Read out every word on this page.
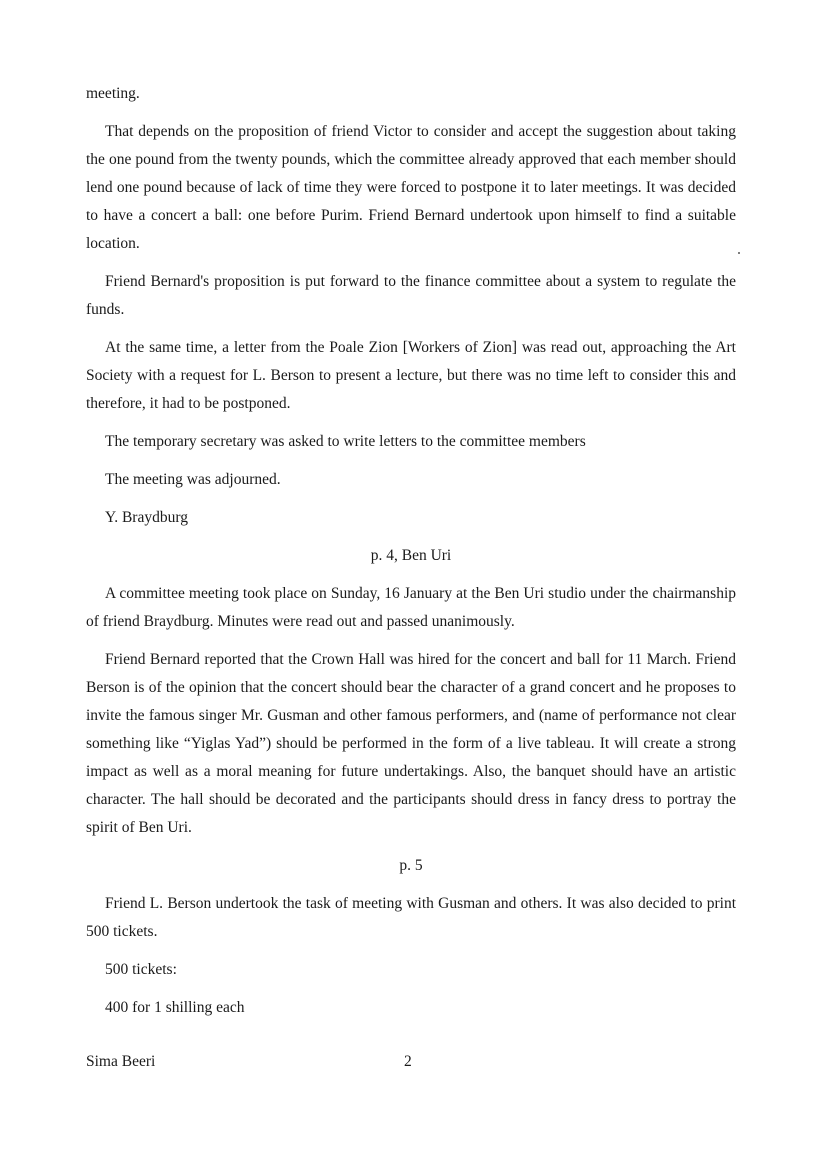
meeting.

That depends on the proposition of friend Victor to consider and accept the suggestion about taking the one pound from the twenty pounds, which the committee already approved that each member should lend one pound because of lack of time they were forced to postpone it to later meetings. It was decided to have a concert a ball: one before Purim. Friend Bernard undertook upon himself to find a suitable location.

Friend Bernard's proposition is put forward to the finance committee about a system to regulate the funds.

At the same time, a letter from the Poale Zion [Workers of Zion] was read out, approaching the Art Society with a request for L. Berson to present a lecture, but there was no time left to consider this and therefore, it had to be postponed.

The temporary secretary was asked to write letters to the committee members

The meeting was adjourned.

Y. Braydburg

p. 4, Ben Uri

A committee meeting took place on Sunday, 16 January at the Ben Uri studio under the chairmanship of friend Braydburg. Minutes were read out and passed unanimously.

Friend Bernard reported that the Crown Hall was hired for the concert and ball for 11 March. Friend Berson is of the opinion that the concert should bear the character of a grand concert and he proposes to invite the famous singer Mr. Gusman and other famous performers, and (name of performance not clear something like “Yiglas Yad”) should be performed in the form of a live tableau. It will create a strong impact as well as a moral meaning for future undertakings. Also, the banquet should have an artistic character. The hall should be decorated and the participants should dress in fancy dress to portray the spirit of Ben Uri.

p. 5

Friend L. Berson undertook the task of meeting with Gusman and others. It was also decided to print 500 tickets.

500 tickets:

400 for 1 shilling each

Sima Beeri	2
